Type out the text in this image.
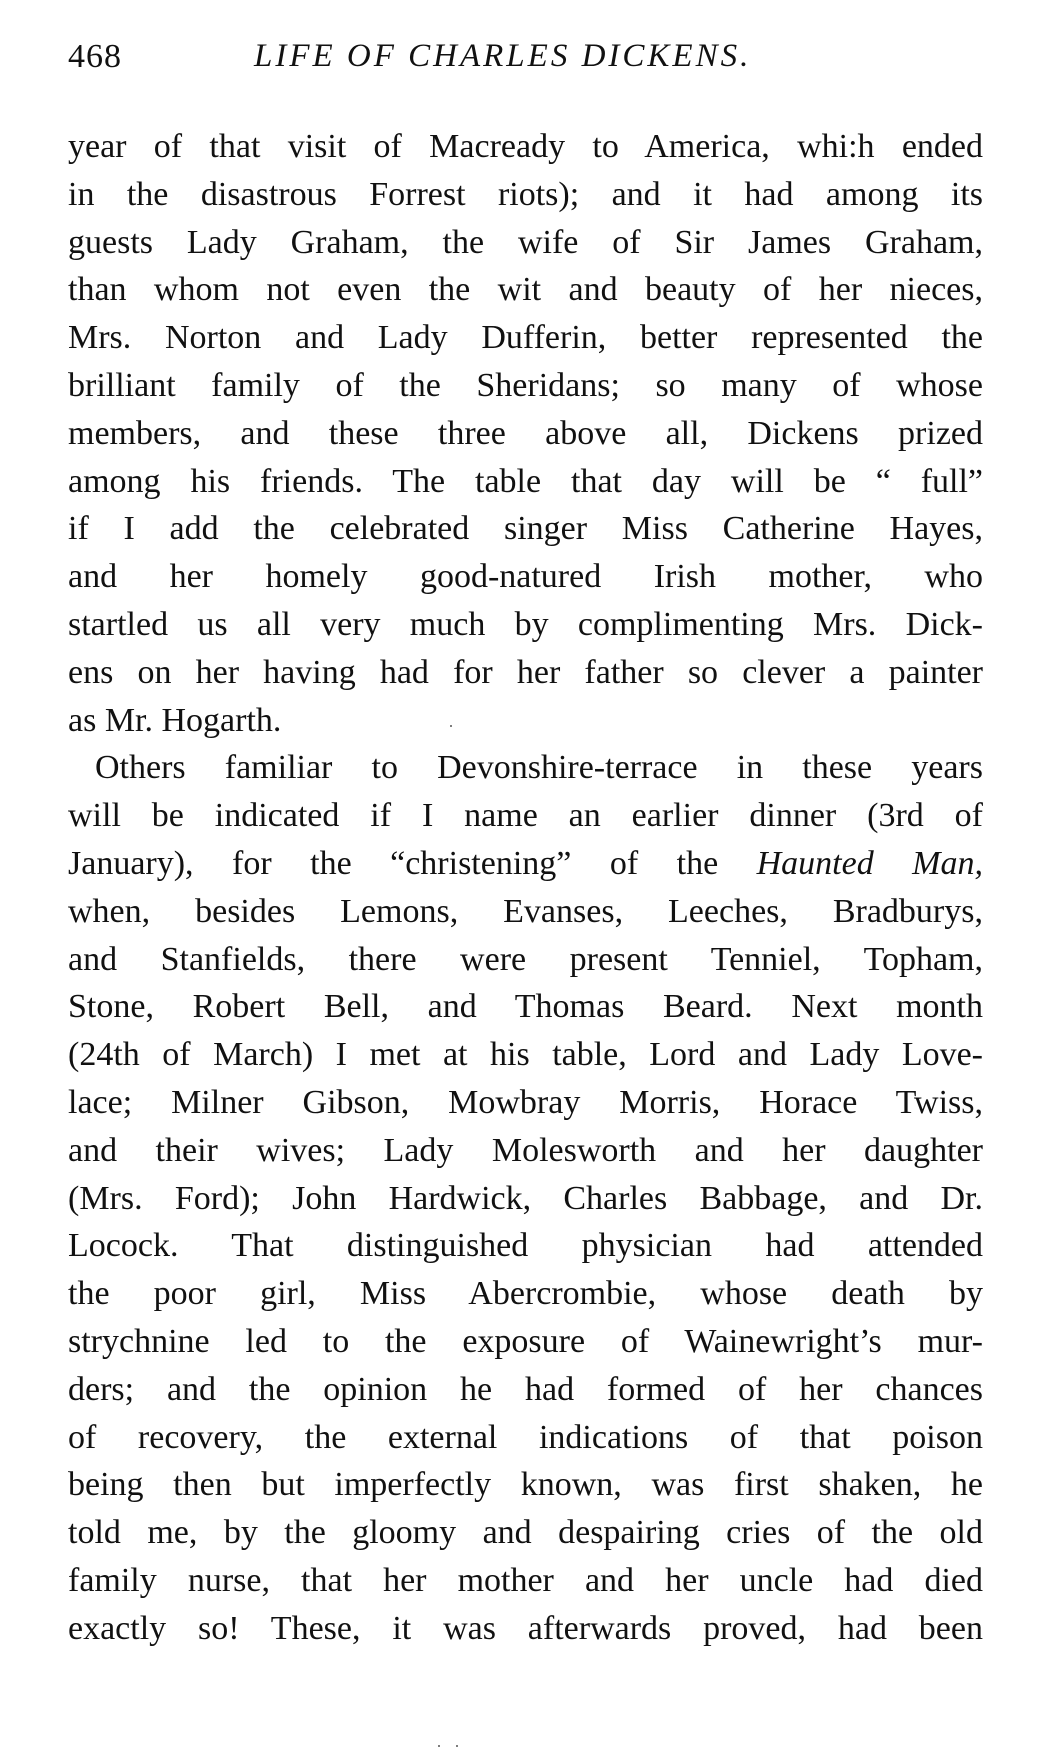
468	LIFE OF CHARLES DICKENS.
year of that visit of Macready to America, whi:h ended
in the disastrous Forrest riots); and it had among its
guests Lady Graham, the wife of Sir James Graham,
than whom not even the wit and beauty of her nieces,
Mrs. Norton and Lady Dufferin, better represented the
brilliant family of the Sheridans; so many of whose
members, and these three above all, Dickens prized
among his friends. The table that day will be “ full”
if I add the celebrated singer Miss Catherine Hayes,
and her homely good-natured Irish mother, who
startled us all very much by complimenting Mrs. Dick-
ens on her having had for her father so clever a painter
as Mr. Hogarth.
Others familiar to Devonshire-terrace in these years
will be indicated if I name an earlier dinner (3rd of
January), for the “christening” of the Haunted Man,
when, besides Lemons, Evanses, Leeches, Bradburys,
and Stanfields, there were present Tenniel, Topham,
Stone, Robert Bell, and Thomas Beard. Next month
(24th of March) I met at his table, Lord and Lady Love-
lace; Milner Gibson, Mowbray Morris, Horace Twiss,
and their wives; Lady Molesworth and her daughter
(Mrs. Ford); John Hardwick, Charles Babbage, and Dr.
Locock. That distinguished physician had attended
the poor girl, Miss Abercrombie, whose death by
strychnine led to the exposure of Wainewright’s mur-
ders; and the opinion he had formed of her chances
of recovery, the external indications of that poison
being then but imperfectly known, was first shaken, he
told me, by the gloomy and despairing cries of the old
family nurse, that her mother and her uncle had died
exactly so! These, it was afterwards proved, had been
